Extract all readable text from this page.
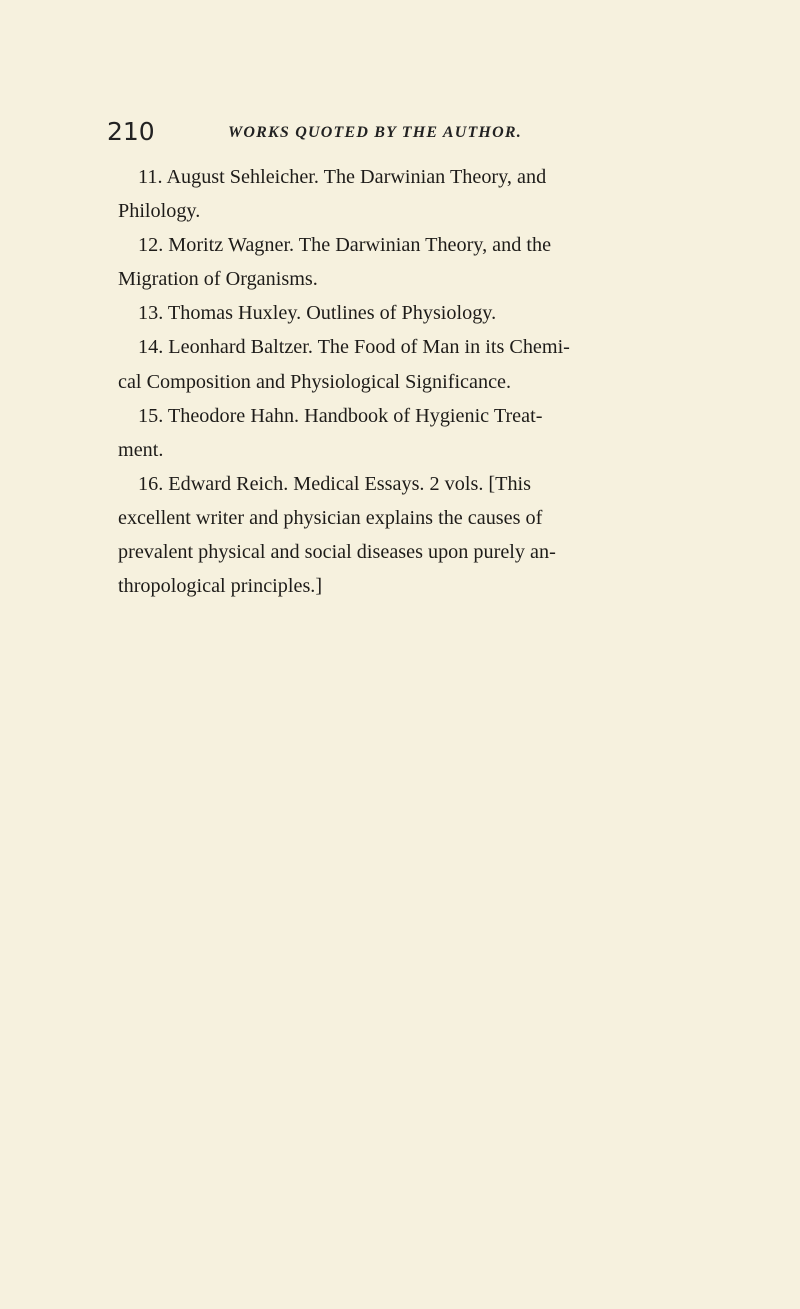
210	WORKS QUOTED BY THE AUTHOR.
11. August Sehleicher. The Darwinian Theory, and
Philology.
12. Moritz Wagner. The Darwinian Theory, and the
Migration of Organisms.
13. Thomas Huxley. Outlines of Physiology.
14. Leonhard Baltzer. The Food of Man in its Chemi-
cal Composition and Physiological Significance.
15. Theodore Hahn. Handbook of Hygienic Treat-
ment.
16. Edward Reich. Medical Essays. 2 vols. [This
excellent writer and physician explains the causes of
prevalent physical and social diseases upon purely an-
thropological principles.]
